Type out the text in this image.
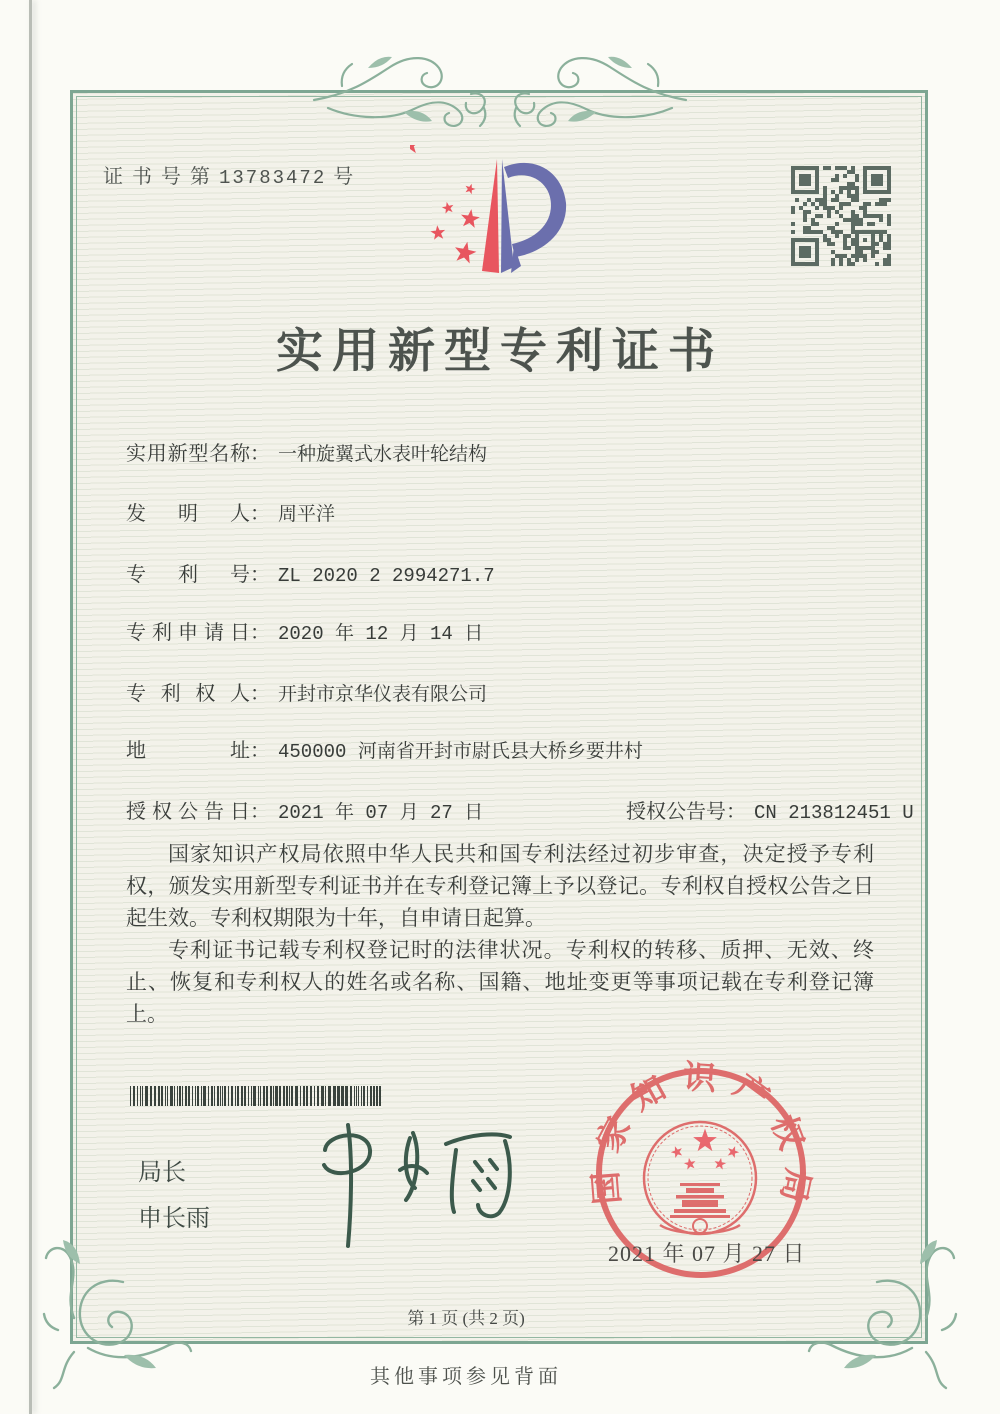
证 书 号 第 13783472 号
实用新型专利证书
实用新型名称： 一种旋翼式水表叶轮结构
发明人： 周平洋
专利号： ZL 2020 2 2994271.7
专利申请日： 2020 年 12 月 14 日
专利权人： 开封市京华仪表有限公司
地址： 450000 河南省开封市尉氏县大桥乡要井村
授权公告日： 2021 年 07 月 27 日	授权公告号： CN 213812451 U

国家知识产权局依照中华人民共和国专利法经过初步审查，决定授予专利权，颁发实用新型专利证书并在专利登记簿上予以登记。专利权自授权公告之日起生效。专利权期限为十年，自申请日起算。

专利证书记载专利权登记时的法律状况。专利权的转移、质押、无效、终止、恢复和专利权人的姓名或名称、国籍、地址变更等事项记载在专利登记簿上。

局长
申长雨
国家知识产权局
2021 年 07 月 27 日
第 1 页 (共 2 页)
其他事项参见背面
